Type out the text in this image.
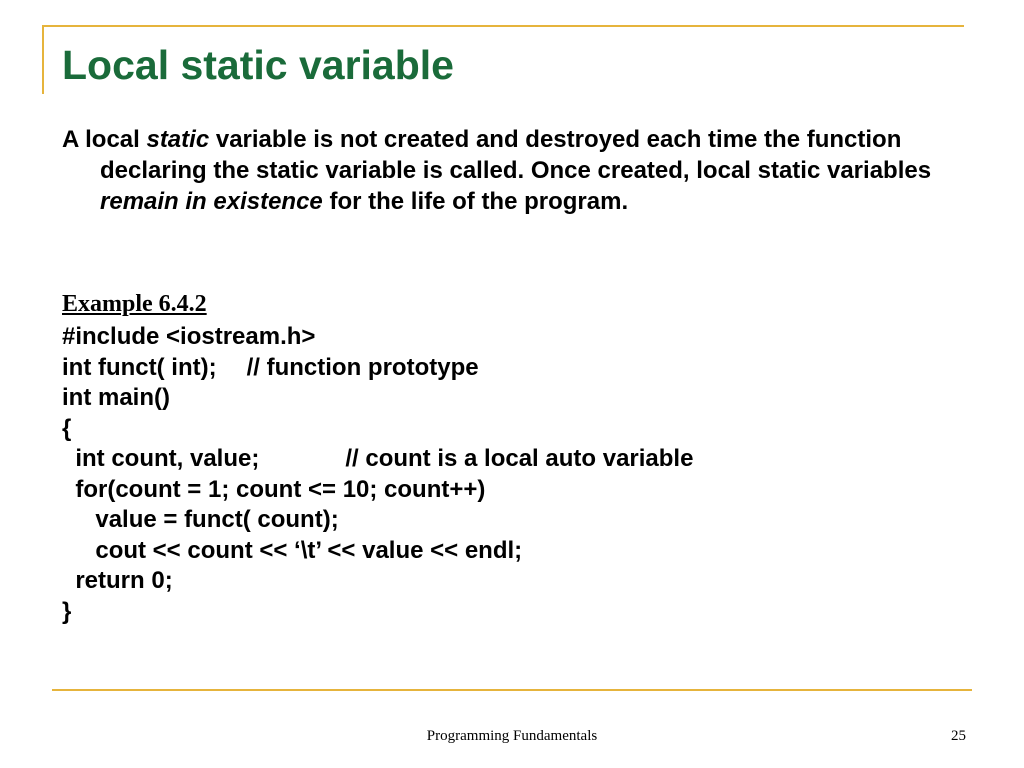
Local static variable
A local static variable is not created and destroyed each time the function declaring the static variable is called. Once created, local static variables remain in existence for the life of the program.
Example 6.4.2
#include <iostream.h>
int funct( int); // function prototype
int main()
{
int count, value;	// count is a local auto variable
for(count = 1; count <= 10; count++)
value = funct( count);
cout << count << ‘\t’ << value << endl;
return 0;
}
Programming Fundamentals	25
